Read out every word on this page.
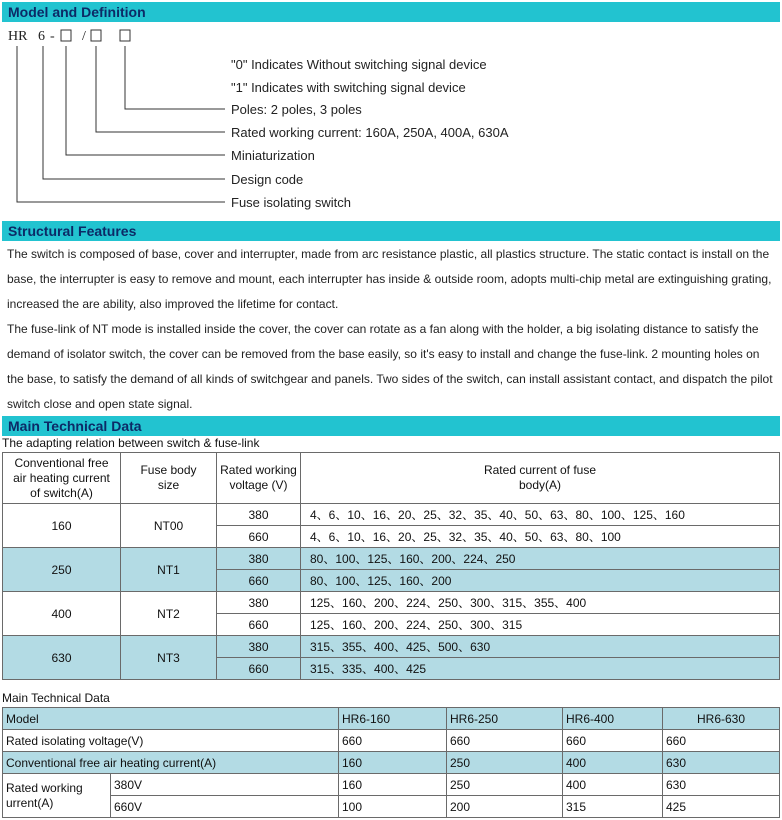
Model and Definition
HR 6 - /
"0" Indicates Without switching signal device
"1" Indicates with switching signal device
Poles: 2 poles, 3 poles
Rated working current: 160A, 250A, 400A, 630A
Miniaturization
Design code
Fuse isolating switch
Structural Features
The switch is composed of base, cover and interrupter, made from arc resistance plastic, all plastics structure. The static contact is install on the base, the interrupter is easy to remove and mount, each interrupter has inside & outside room, adopts multi-chip metal are extinguishing grating, increased the are ability, also improved the lifetime for contact.
The fuse-link of NT mode is installed inside the cover, the cover can rotate as a fan along with the holder, a big isolating distance to satisfy the demand of isolator switch, the cover can be removed from the base easily, so it's easy to install and change the fuse-link. 2 mounting holes on the base, to satisfy the demand of all kinds of switchgear and panels. Two sides of the switch, can install assistant contact, and dispatch the pilot switch close and open state signal.
Main Technical Data
The adapting relation between switch & fuse-link
Conventional free air heating current of switch(A)	Fuse body size	Rated working voltage (V)	Rated current of fuse body(A)
160	NT00	380	4、6、10、16、20、25、32、35、40、50、63、80、100、125、160
		660	4、6、10、16、20、25、32、35、40、50、63、80、100
250	NT1	380	80、100、125、160、200、224、250
		660	80、100、125、160、200
400	NT2	380	125、160、200、224、250、300、315、355、400
		660	125、160、200、224、250、300、315
630	NT3	380	315、355、400、425、500、630
		660	315、335、400、425
Main Technical Data
Model		HR6-160	HR6-250	HR6-400	HR6-630
Rated isolating voltage(V)		660	660	660	660
Conventional free air heating current(A)		160	250	400	630
Rated working urrent(A)	380V	160	250	400	630
	660V	100	200	315	425
